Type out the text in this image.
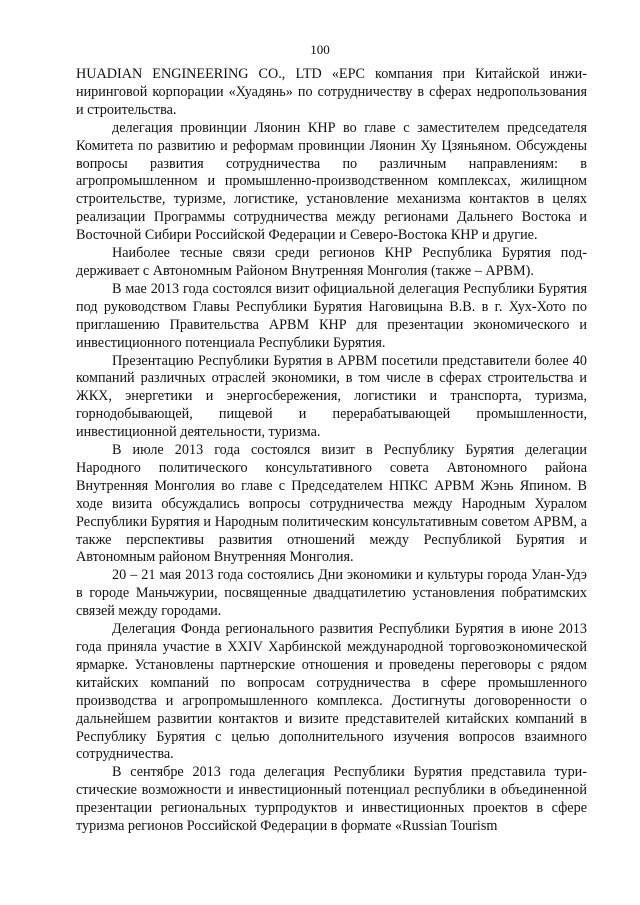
100

HUADIAN ENGINEERING CO., LTD «EPC компания при Китайской инжиниринговой корпорации «Хуадянь» по сотрудничеству в сферах недропользования и строительства.

делегация провинции Ляонин КНР во главе с заместителем председателя Комитета по развитию и реформам провинции Ляонин Ху Цзяньяном. Обсуждены вопросы развития сотрудничества по различным направлениям: в агропромышленном и промышленно-производственном комплексах, жилищном строительстве, туризме, логистике, установление механизма контактов в целях реализации Программы сотрудничества между регионами Дальнего Востока и Восточной Сибири Российской Федерации и Северо-Востока КНР и другие.

Наиболее тесные связи среди регионов КНР Республика Бурятия поддерживает с Автономным Районом Внутренняя Монголия (также – АРВМ).

В мае 2013 года состоялся визит официальной делегация Республики Бурятия под руководством Главы Республики Бурятия Наговицына В.В. в г. Хух-Хото по приглашению Правительства АРВМ КНР для презентации экономического и инвестиционного потенциала Республики Бурятия.

Презентацию Республики Бурятия в АРВМ посетили представители более 40 компаний различных отраслей экономики, в том числе в сферах строительства и ЖКХ, энергетики и энергосбережения, логистики и транспорта, туризма, горнодобывающей, пищевой и перерабатывающей промышленности, инвестиционной деятельности, туризма.

В июле 2013 года состоялся визит в Республику Бурятия делегации Народного политического консультативного совета Автономного района Внутренняя Монголия во главе с Председателем НПКС АРВМ Жэнь Япином. В ходе визита обсуждались вопросы сотрудничества между Народным Хуралом Республики Бурятия и Народным политическим консультативным советом АРВМ, а также перспективы развития отношений между Республикой Бурятия и Автономным районом Внутренняя Монголия.

20 – 21 мая 2013 года состоялись Дни экономики и культуры города Улан-Удэ в городе Маньчжурии, посвященные двадцатилетию установления побратимских связей между городами.

Делегация Фонда регионального развития Республики Бурятия в июне 2013 года приняла участие в XXIV Харбинской международной торговоэкономической ярмарке. Установлены партнерские отношения и проведены переговоры с рядом китайских компаний по вопросам сотрудничества в сфере промышленного производства и агропромышленного комплекса. Достигнуты договоренности о дальнейшем развитии контактов и визите представителей китайских компаний в Республику Бурятия с целью дополнительного изучения вопросов взаимного сотрудничества.

В сентябре 2013 года делегация Республики Бурятия представила туристические возможности и инвестиционный потенциал республики в объединенной презентации региональных турпродуктов и инвестиционных проектов в сфере туризма регионов Российской Федерации в формате «Russian Tourism
